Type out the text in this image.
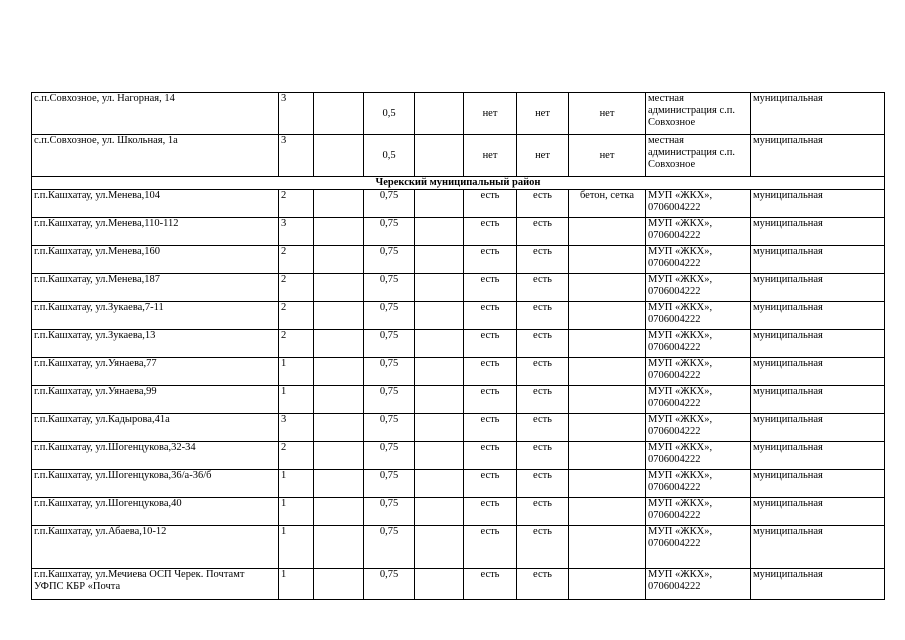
с.п.Совхозное, ул. Нагорная, 14	3		0,5		нет	нет	нет	местная администрация с.п. Совхозное	муниципальная
с.п.Совхозное, ул. Школьная, 1а	3		0,5		нет	нет	нет	местная администрация с.п. Совхозное	муниципальная
Черекский муниципальный район									
г.п.Кашхатау, ул.Менева,104	2		0,75		есть	есть	бетон, сетка	МУП «ЖКХ», 0706004222	муниципальная
г.п.Кашхатау, ул.Менева,110-112	3		0,75		есть	есть		МУП «ЖКХ», 0706004222	муниципальная
г.п.Кашхатау, ул.Менева,160	2		0,75		есть	есть		МУП «ЖКХ», 0706004222	муниципальная
г.п.Кашхатау, ул.Менева,187	2		0,75		есть	есть		МУП «ЖКХ», 0706004222	муниципальная
г.п.Кашхатау, ул.Зукаева,7-11	2		0,75		есть	есть		МУП «ЖКХ», 0706004222	муниципальная
г.п.Кашхатау, ул.Зукаева,13	2		0,75		есть	есть		МУП «ЖКХ», 0706004222	муниципальная
г.п.Кашхатау, ул.Уянаева,77	1		0,75		есть	есть		МУП «ЖКХ», 0706004222	муниципальная
г.п.Кашхатау, ул.Уянаева,99	1		0,75		есть	есть		МУП «ЖКХ», 0706004222	муниципальная
г.п.Кашхатау, ул.Кадырова,41а	3		0,75		есть	есть		МУП «ЖКХ», 0706004222	муниципальная
г.п.Кашхатау, ул.Шогенцукова,32-34	2		0,75		есть	есть		МУП «ЖКХ», 0706004222	муниципальная
г.п.Кашхатау, ул.Шогенцукова,36/а-36/б	1		0,75		есть	есть		МУП «ЖКХ», 0706004222	муниципальная
г.п.Кашхатау, ул.Шогенцукова,40	1		0,75		есть	есть		МУП «ЖКХ», 0706004222	муниципальная
г.п.Кашхатау, ул.Абаева,10-12	1		0,75		есть	есть		МУП «ЖКХ», 0706004222	муниципальная
г.п.Кашхатау, ул.Мечиева ОСП Черек. Почтамт УФПС КБР «Почта	1		0,75		есть	есть		МУП «ЖКХ», 0706004222	муниципальная
